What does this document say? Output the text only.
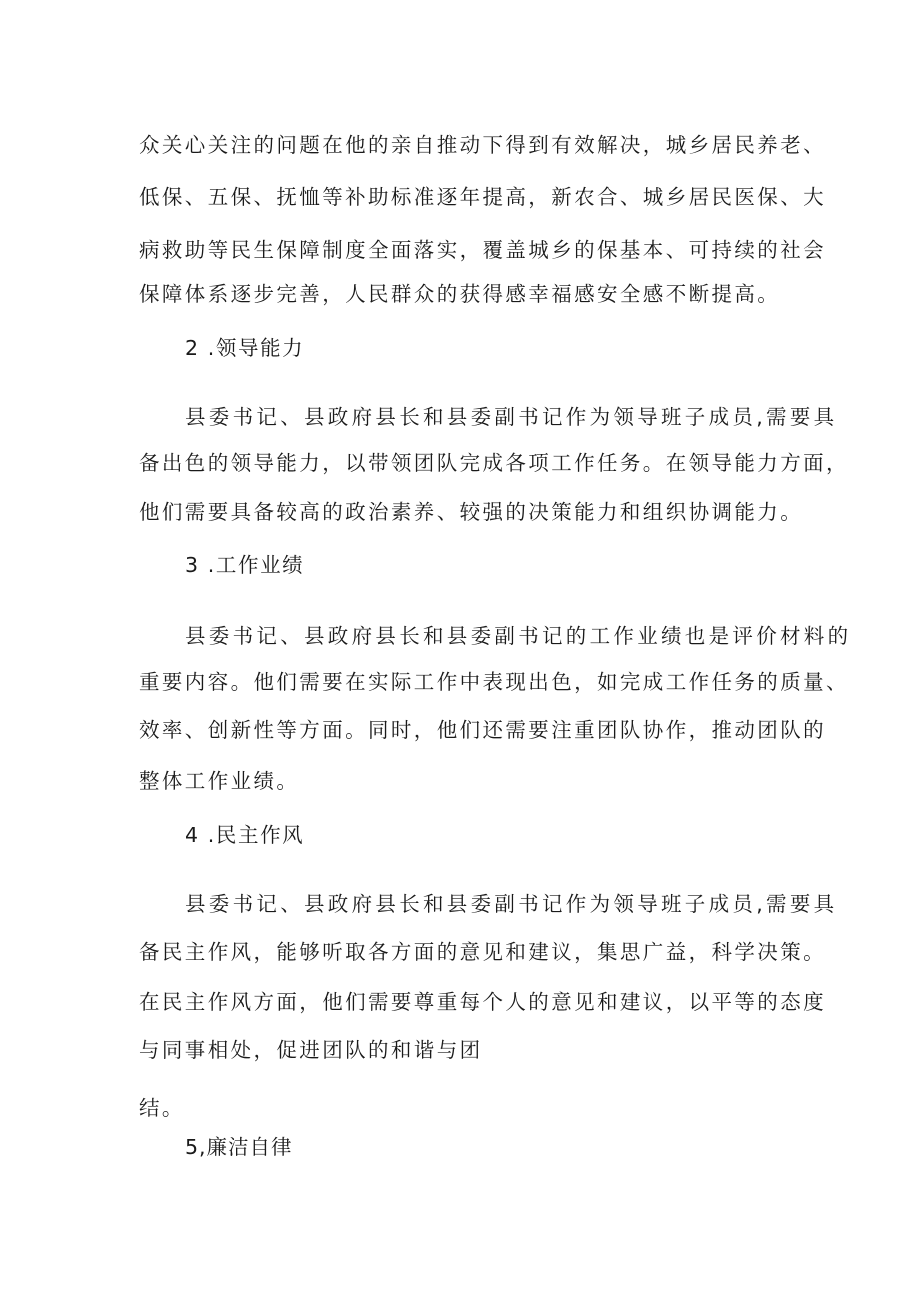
众关心关注的问题在他的亲自推动下得到有效解决，城乡居民养老、
低保、五保、抚恤等补助标准逐年提高，新农合、城乡居民医保、大
病救助等民生保障制度全面落实，覆盖城乡的保基本、可持续的社会
保障体系逐步完善，人民群众的获得感幸福感安全感不断提高。
2 .领导能力
县委书记、县政府县长和县委副书记作为领导班子成员,需要具
备出色的领导能力，以带领团队完成各项工作任务。在领导能力方面，
他们需要具备较高的政治素养、较强的决策能力和组织协调能力。
3 .工作业绩
县委书记、县政府县长和县委副书记的工作业绩也是评价材料的
重要内容。他们需要在实际工作中表现出色，如完成工作任务的质量、
效率、创新性等方面。同时，他们还需要注重团队协作，推动团队的
整体工作业绩。
4 .民主作风
县委书记、县政府县长和县委副书记作为领导班子成员,需要具
备民主作风，能够听取各方面的意见和建议，集思广益，科学决策。
在民主作风方面，他们需要尊重每个人的意见和建议，以平等的态度
与同事相处，促进团队的和谐与团
结。
5,廉洁自律
